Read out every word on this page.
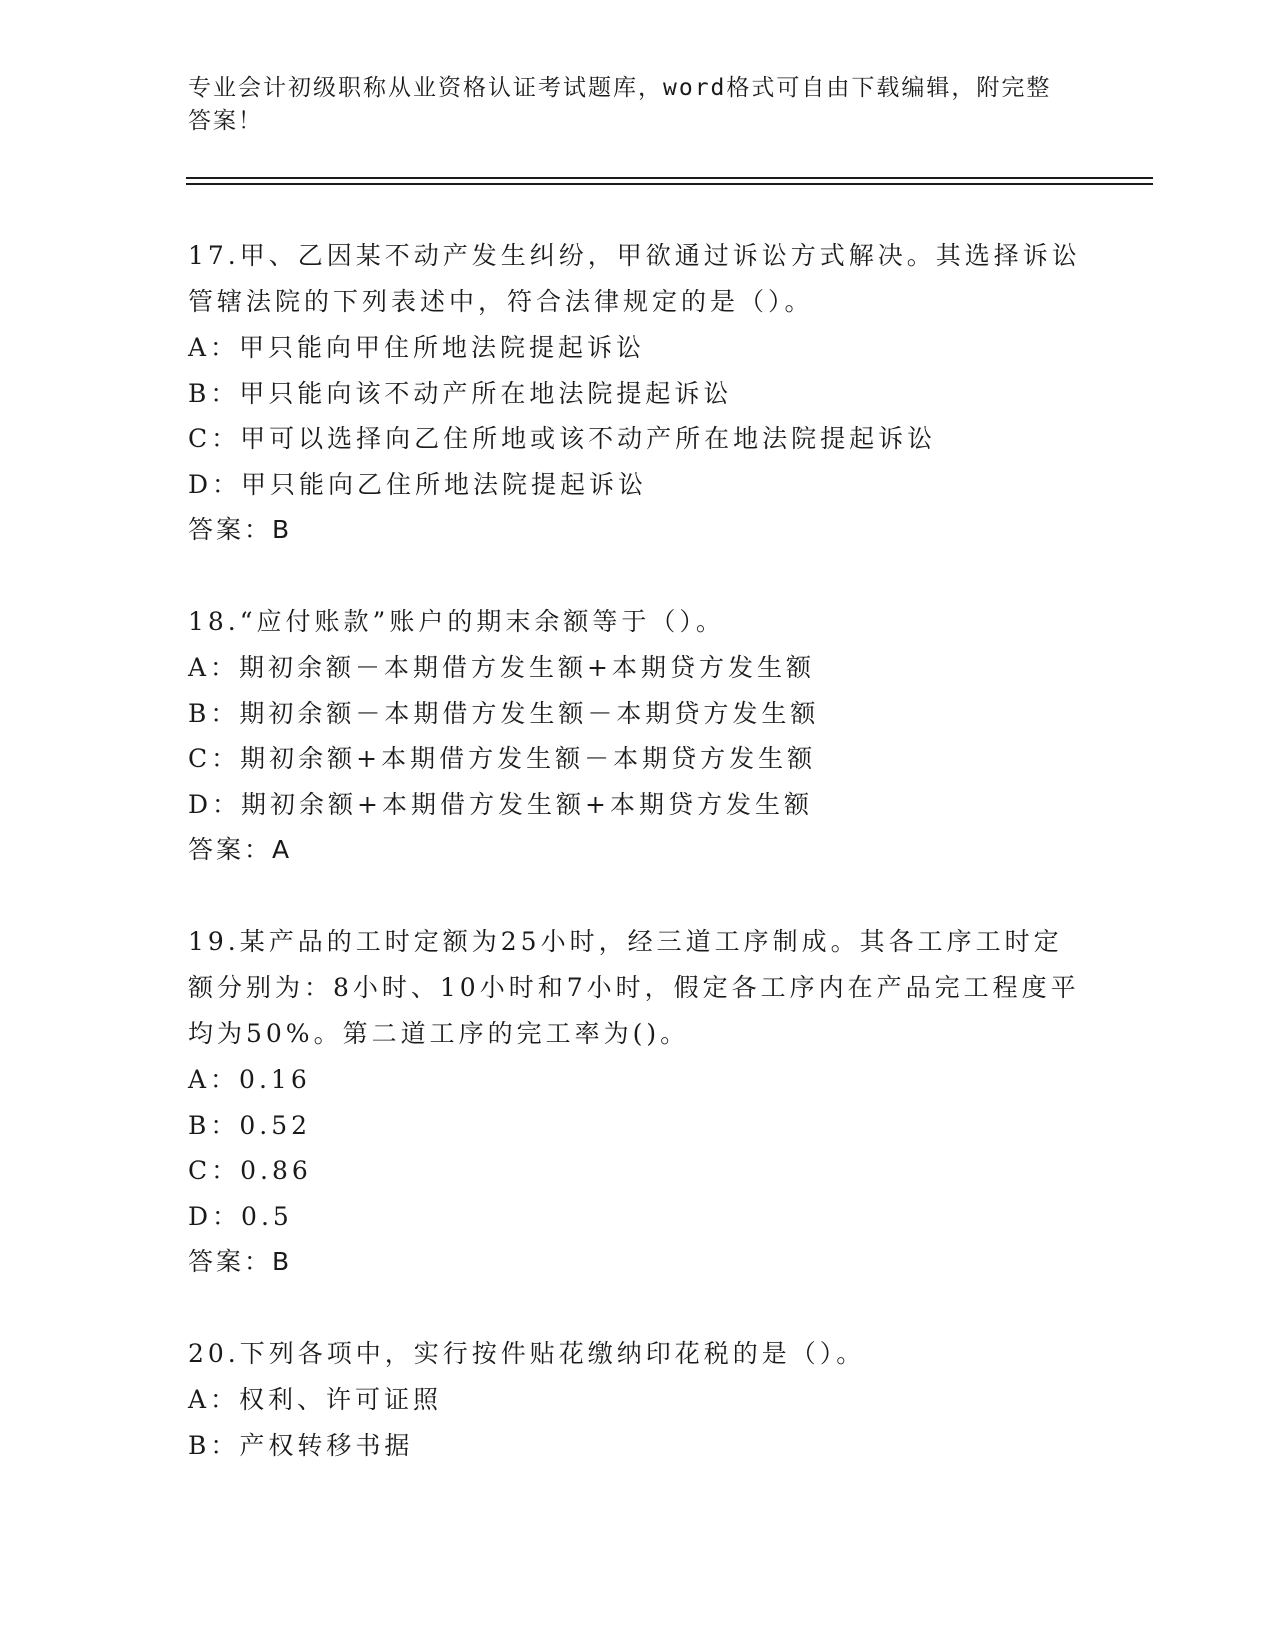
专业会计初级职称从业资格认证考试题库，word格式可自由下载编辑，附完整答案！

17.甲、乙因某不动产发生纠纷，甲欲通过诉讼方式解决。其选择诉讼管辖法院的下列表述中，符合法律规定的是（）。

A：甲只能向甲住所地法院提起诉讼

B：甲只能向该不动产所在地法院提起诉讼

C：甲可以选择向乙住所地或该不动产所在地法院提起诉讼

D：甲只能向乙住所地法院提起诉讼

答案：B

18.“应付账款”账户的期末余额等于（）。

A：期初余额－本期借方发生额+本期贷方发生额

B：期初余额－本期借方发生额－本期贷方发生额

C：期初余额+本期借方发生额－本期贷方发生额

D：期初余额+本期借方发生额+本期贷方发生额

答案：A

19.某产品的工时定额为25小时，经三道工序制成。其各工序工时定额分别为：8小时、10小时和7小时，假定各工序内在产品完工程度平均为50%。第二道工序的完工率为()。

A：0.16

B：0.52

C：0.86

D：0.5

答案：B

20.下列各项中，实行按件贴花缴纳印花税的是（）。

A：权利、许可证照

B：产权转移书据
